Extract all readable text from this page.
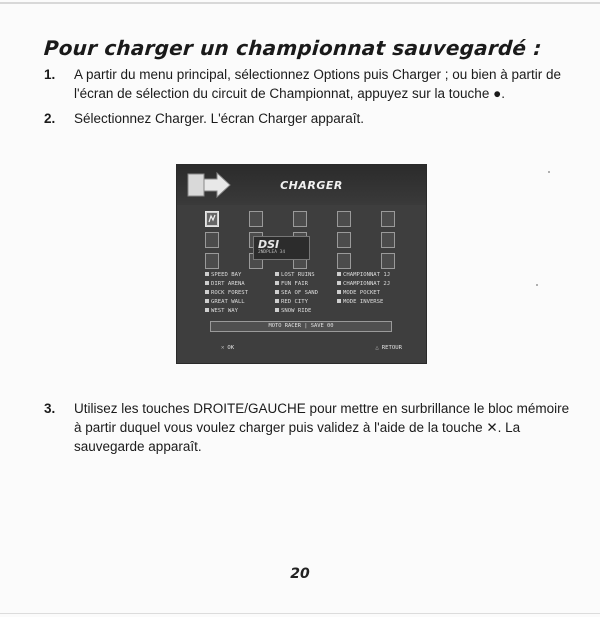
Pour charger un championnat sauvegardé :
1.	A partir du menu principal, sélectionnez Options puis Charger ; ou bien à partir de l'écran de sélection du circuit de Championnat, appuyez sur la touche ●.
2.	Sélectionnez Charger. L'écran Charger apparaît.
CHARGER
DSI
2NDPLEA 34
SPEED BAY
DIRT ARENA
ROCK FOREST
GREAT WALL
WEST WAY
LOST RUINS
FUN FAIR
SEA OF SAND
RED CITY
SNOW RIDE
CHAMPIONNAT 1J
CHAMPIONNAT 2J
MODE POCKET
MODE INVERSE
MOTO RACER | SAVE 00
✕ OK	△ RETOUR
3.	Utilisez les touches DROITE/GAUCHE pour mettre en surbrillance le bloc mémoire à partir duquel vous voulez charger puis validez à l'aide de la touche ✕. La sauvegarde apparaît.
20
